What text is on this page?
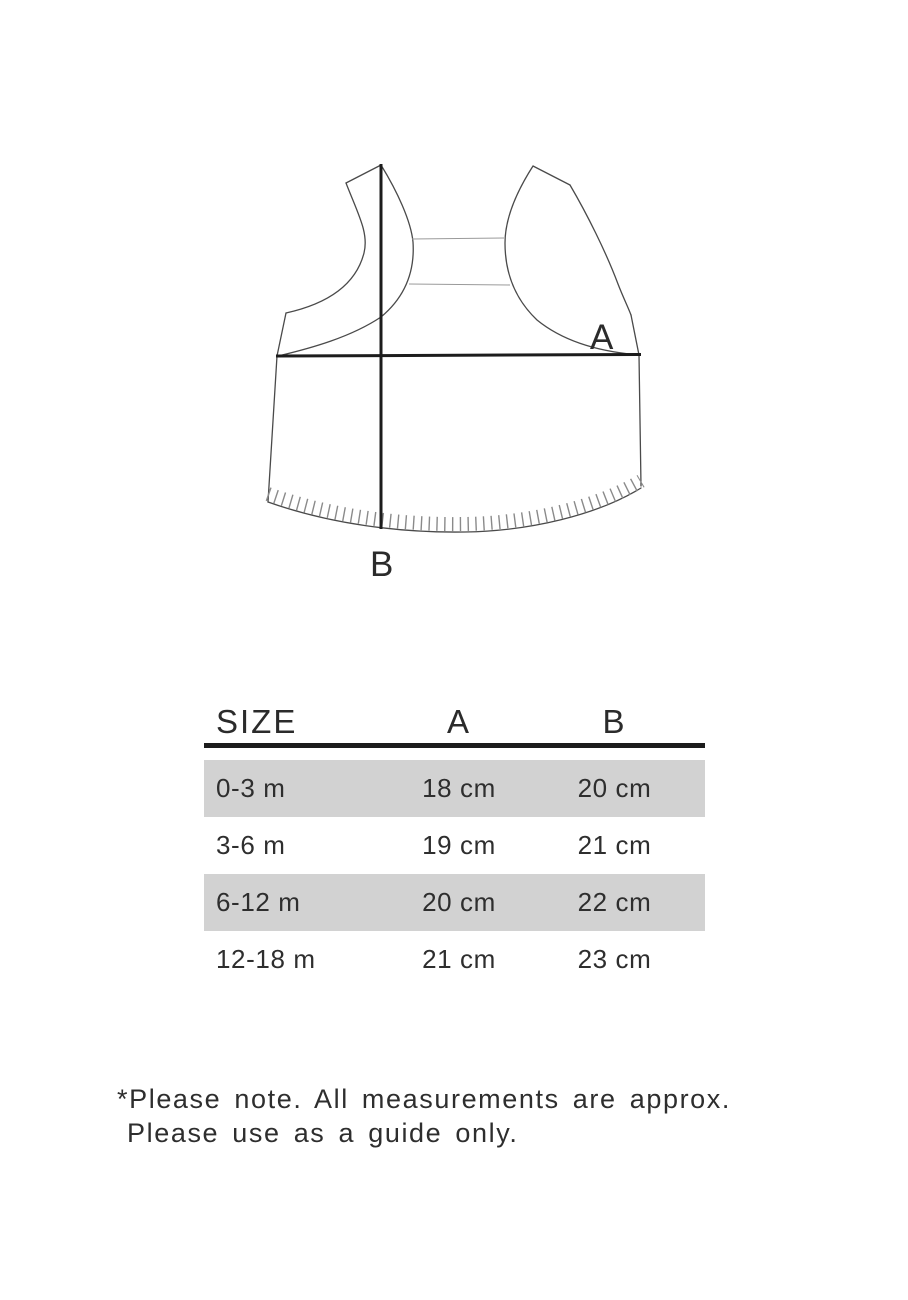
A
B
SIZE	A	B
0-3 m	18 cm	20 cm
3-6 m	19 cm	21 cm
6-12 m	20 cm	22 cm
12-18 m	21 cm	23 cm
*Please note. All measurements are approx.
Please use as a guide only.
